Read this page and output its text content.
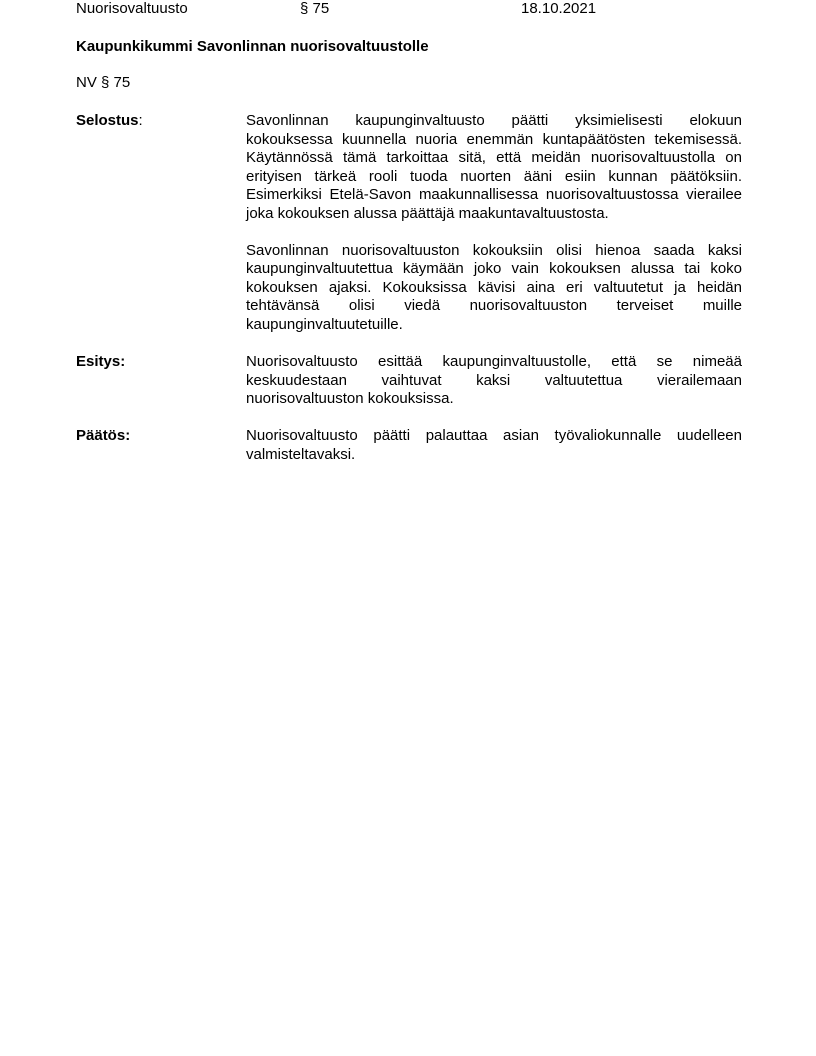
Nuorisovaltuusto	§ 75	18.10.2021
Kaupunkikummi Savonlinnan nuorisovaltuustolle
NV § 75
Selostus:	Savonlinnan kaupunginvaltuusto päätti yksimielisesti elokuun kokouksessa kuunnella nuoria enemmän kuntapäätösten tekemisessä. Käytännössä tämä tarkoittaa sitä, että meidän nuorisovaltuustolla on erityisen tärkeä rooli tuoda nuorten ääni esiin kunnan päätöksiin. Esimerkiksi Etelä-Savon maakunnallisessa nuorisovaltuustossa vierailee joka kokouksen alussa päättäjä maakuntavaltuustosta.

Savonlinnan nuorisovaltuuston kokouksiin olisi hienoa saada kaksi kaupunginvaltuutettua käymään joko vain kokouksen alussa tai koko kokouksen ajaksi. Kokouksissa kävisi aina eri valtuutetut ja heidän tehtävänsä olisi viedä nuorisovaltuuston terveiset muille kaupunginvaltuutetuille.

Esitys:	Nuorisovaltuusto esittää kaupunginvaltuustolle, että se nimeää keskuudestaan vaihtuvat kaksi valtuutettua vierailemaan nuorisovaltuuston kokouksissa.

Päätös:	Nuorisovaltuusto päätti palauttaa asian työvaliokunnalle uudelleen valmisteltavaksi.
